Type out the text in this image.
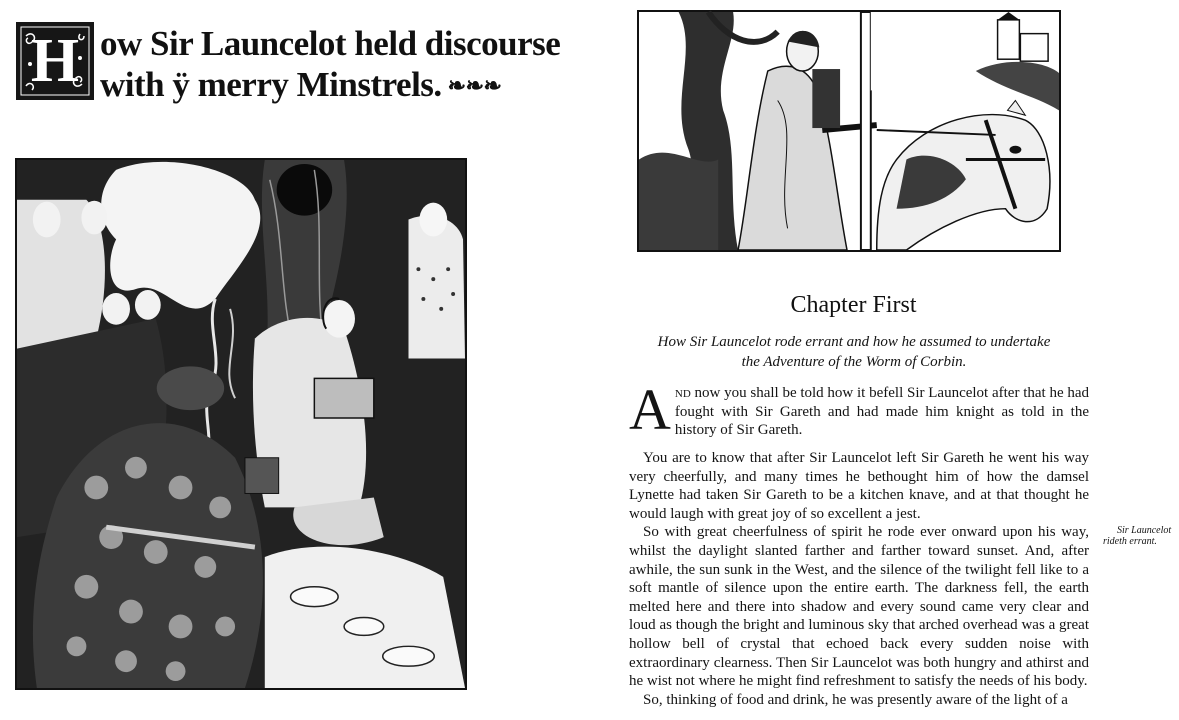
H ow Sir Launcelot held discourse
with ÿ merry Minstrels. ❧❧❧
Chapter First
How Sir Launcelot rode errant and how he assumed to undertake the Adventure of the Worm of Corbin.

And now you shall be told how it befell Sir Launcelot after that he had fought with Sir Gareth and had made him knight as told in the history of Sir Gareth.

You are to know that after Sir Launcelot left Sir Gareth he went his way very cheerfully, and many times he bethought him of how the damsel Lynette had taken Sir Gareth to be a kitchen knave, and at that thought he would laugh with great joy of so excellent a jest.

Sir Launcelot rideth errant.
So with great cheerfulness of spirit he rode ever onward upon his way, whilst the daylight slanted farther and farther toward sunset. And, after awhile, the sun sunk in the West, and the silence of the twilight fell like to a soft mantle of silence upon the entire earth. The darkness fell, the earth melted here and there into shadow and every sound came very clear and loud as though the bright and luminous sky that arched overhead was a great hollow bell of crystal that echoed back every sudden noise with extraordinary clearness. Then Sir Launcelot was both hungry and athirst and he wist not where he might find refreshment to satisfy the needs of his body.

So, thinking of food and drink, he was presently aware of the light of a
